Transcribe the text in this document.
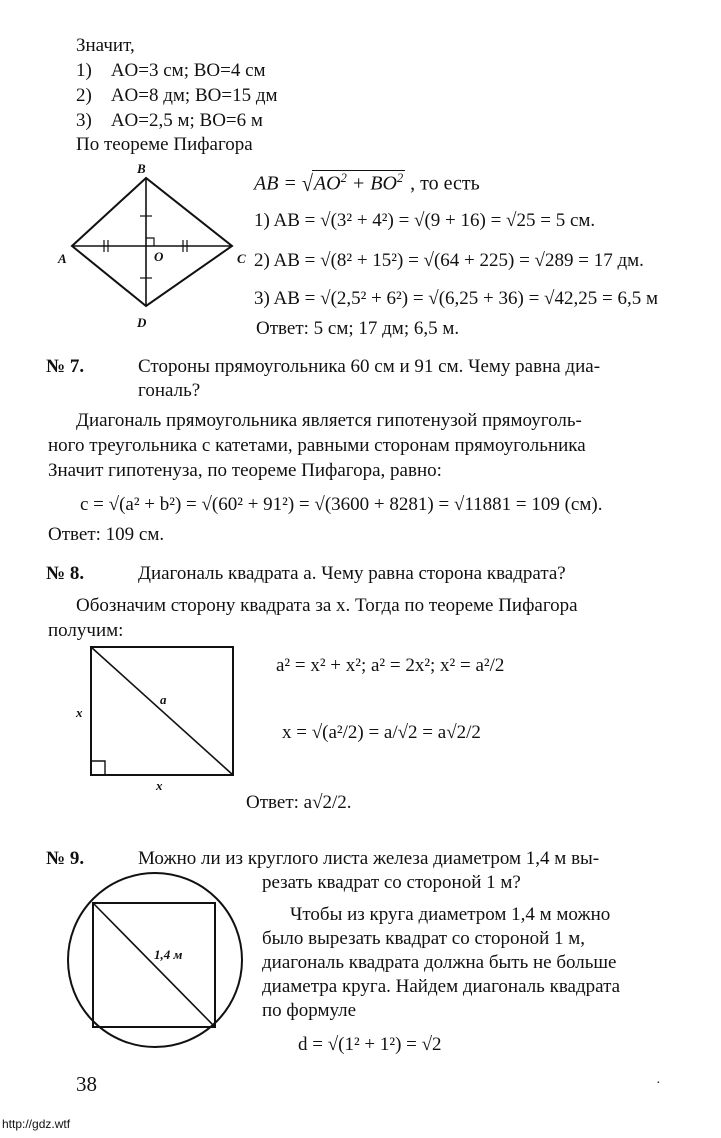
Значит,
1) AO=3 см; BO=4 см
2) AO=8 дм; BO=15 дм
3) AO=2,5 м; BO=6 м
По теореме Пифагора
B
A	O	C
D
AB = $√AO^2 + BO^2$ , то есть
1) AB = √(3² + 4²) = √(9 + 16) = √25 = 5 см.
2) AB = √(8² + 15²) = √(64 + 225) = √289 = 17 дм.
3) AB = √(2,5² + 6²) = √(6,25 + 36) = √42,25 = 6,5 м
Ответ: 5 см; 17 дм; 6,5 м.
№ 7.	Стороны прямоугольника 60 см и 91 см. Чему равна диа-
гональ?
Диагональ прямоугольника является гипотенузой прямоуголь-
ного треугольника с катетами, равными сторонам прямоугольника
Значит гипотенуза, по теореме Пифагора, равно:
c = √(a² + b²) = √(60² + 91²) = √(3600 + 8281) = √11881 = 109 (см).
Ответ: 109 см.
№ 8.	Диагональ квадрата a. Чему равна сторона квадрата?
Обозначим сторону квадрата за x. Тогда по теореме Пифагора
получим:
x
x
a
a² = x² + x²; a² = 2x²; x² = a²/2
x = √(a²/2) = a/√2 = a√2/2
Ответ: a√2/2.
№ 9.	Можно ли из круглого листа железа диаметром 1,4 м вы-
резать квадрат со стороной 1 м?
1,4 м
Чтобы из круга диаметром 1,4 м можно
было вырезать квадрат со стороной 1 м,
диагональ квадрата должна быть не больше
диаметра круга. Найдем диагональ квадрата
по формуле
d = √(1² + 1²) = √2
38	·
http://gdz.wtf
